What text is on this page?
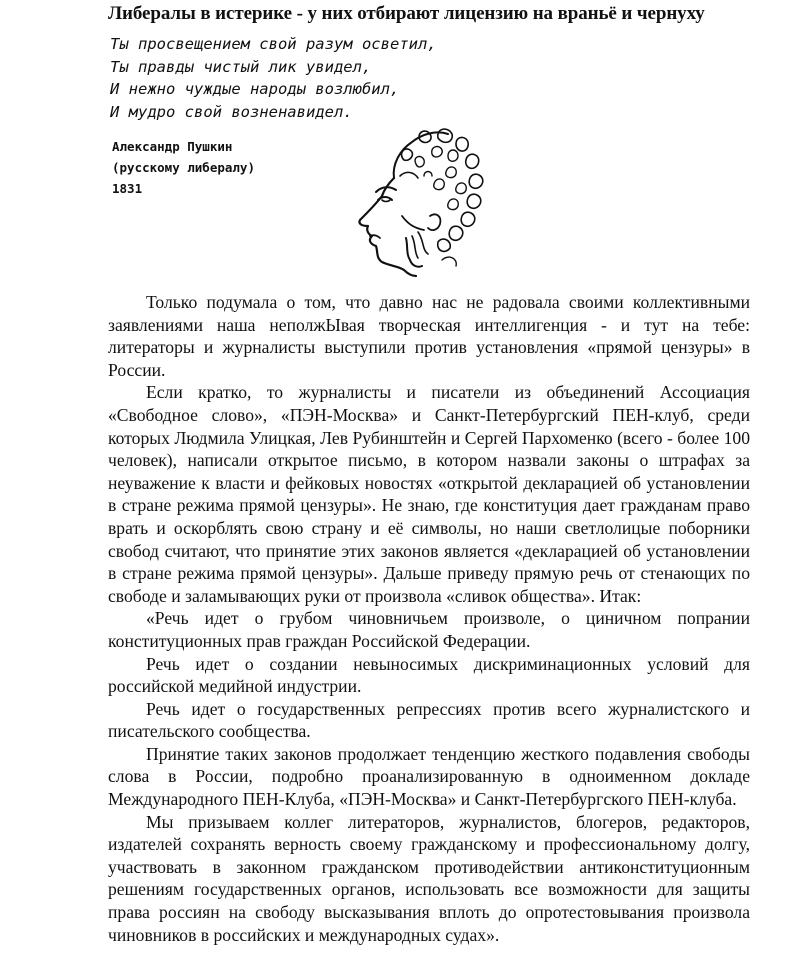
Либералы в истерике - у них отбирают лицензию на враньё и чернуху
Ты просвещением свой разум осветил,
Ты правды чистый лик увидел,
И нежно чуждые народы возлюбил,
И мудро свой возненавидел.
Александр Пушкин
(русскому либералу)
1831

Только подумала о том, что давно нас не радовала своими коллективными заявлениями наша неполжЫвая творческая интеллигенция - и тут на тебе: литераторы и журналисты выступили против установления «прямой цензуры» в России.

Если кратко, то журналисты и писатели из объединений Ассоциация «Свободное слово», «ПЭН-Москва» и Санкт-Петербургский ПЕН-клуб, среди которых Людмила Улицкая, Лев Рубинштейн и Сергей Пархоменко (всего - более 100 человек), написали открытое письмо, в котором назвали законы о штрафах за неуважение к власти и фейковых новостях «открытой декларацией об установлении в стране режима прямой цензуры». Не знаю, где конституция дает гражданам право врать и оскорблять свою страну и её символы, но наши светлолицые поборники свобод считают, что принятие этих законов является «декларацией об установлении в стране режима прямой цензуры». Дальше приведу прямую речь от стенающих по свободе и заламывающих руки от произвола «сливок общества». Итак:

«Речь идет о грубом чиновничьем произволе, о циничном попрании конституционных прав граждан Российской Федерации.

Речь идет о создании невыносимых дискриминационных условий для российской медийной индустрии.

Речь идет о государственных репрессиях против всего журналистского и писательского сообщества.

Принятие таких законов продолжает тенденцию жесткого подавления свободы слова в России, подробно проанализированную в одноименном докладе Международного ПЕН-Клуба, «ПЭН-Москва» и Санкт-Петербургского ПЕН-клуба.

Мы призываем коллег литераторов, журналистов, блогеров, редакторов, издателей сохранять верность своему гражданскому и профессиональному долгу, участвовать в законном гражданском противодействии антиконституционным решениям государственных органов, использовать все возможности для защиты права россиян на свободу высказывания вплоть до опротестовывания произвола чиновников в российских и международных судах».
